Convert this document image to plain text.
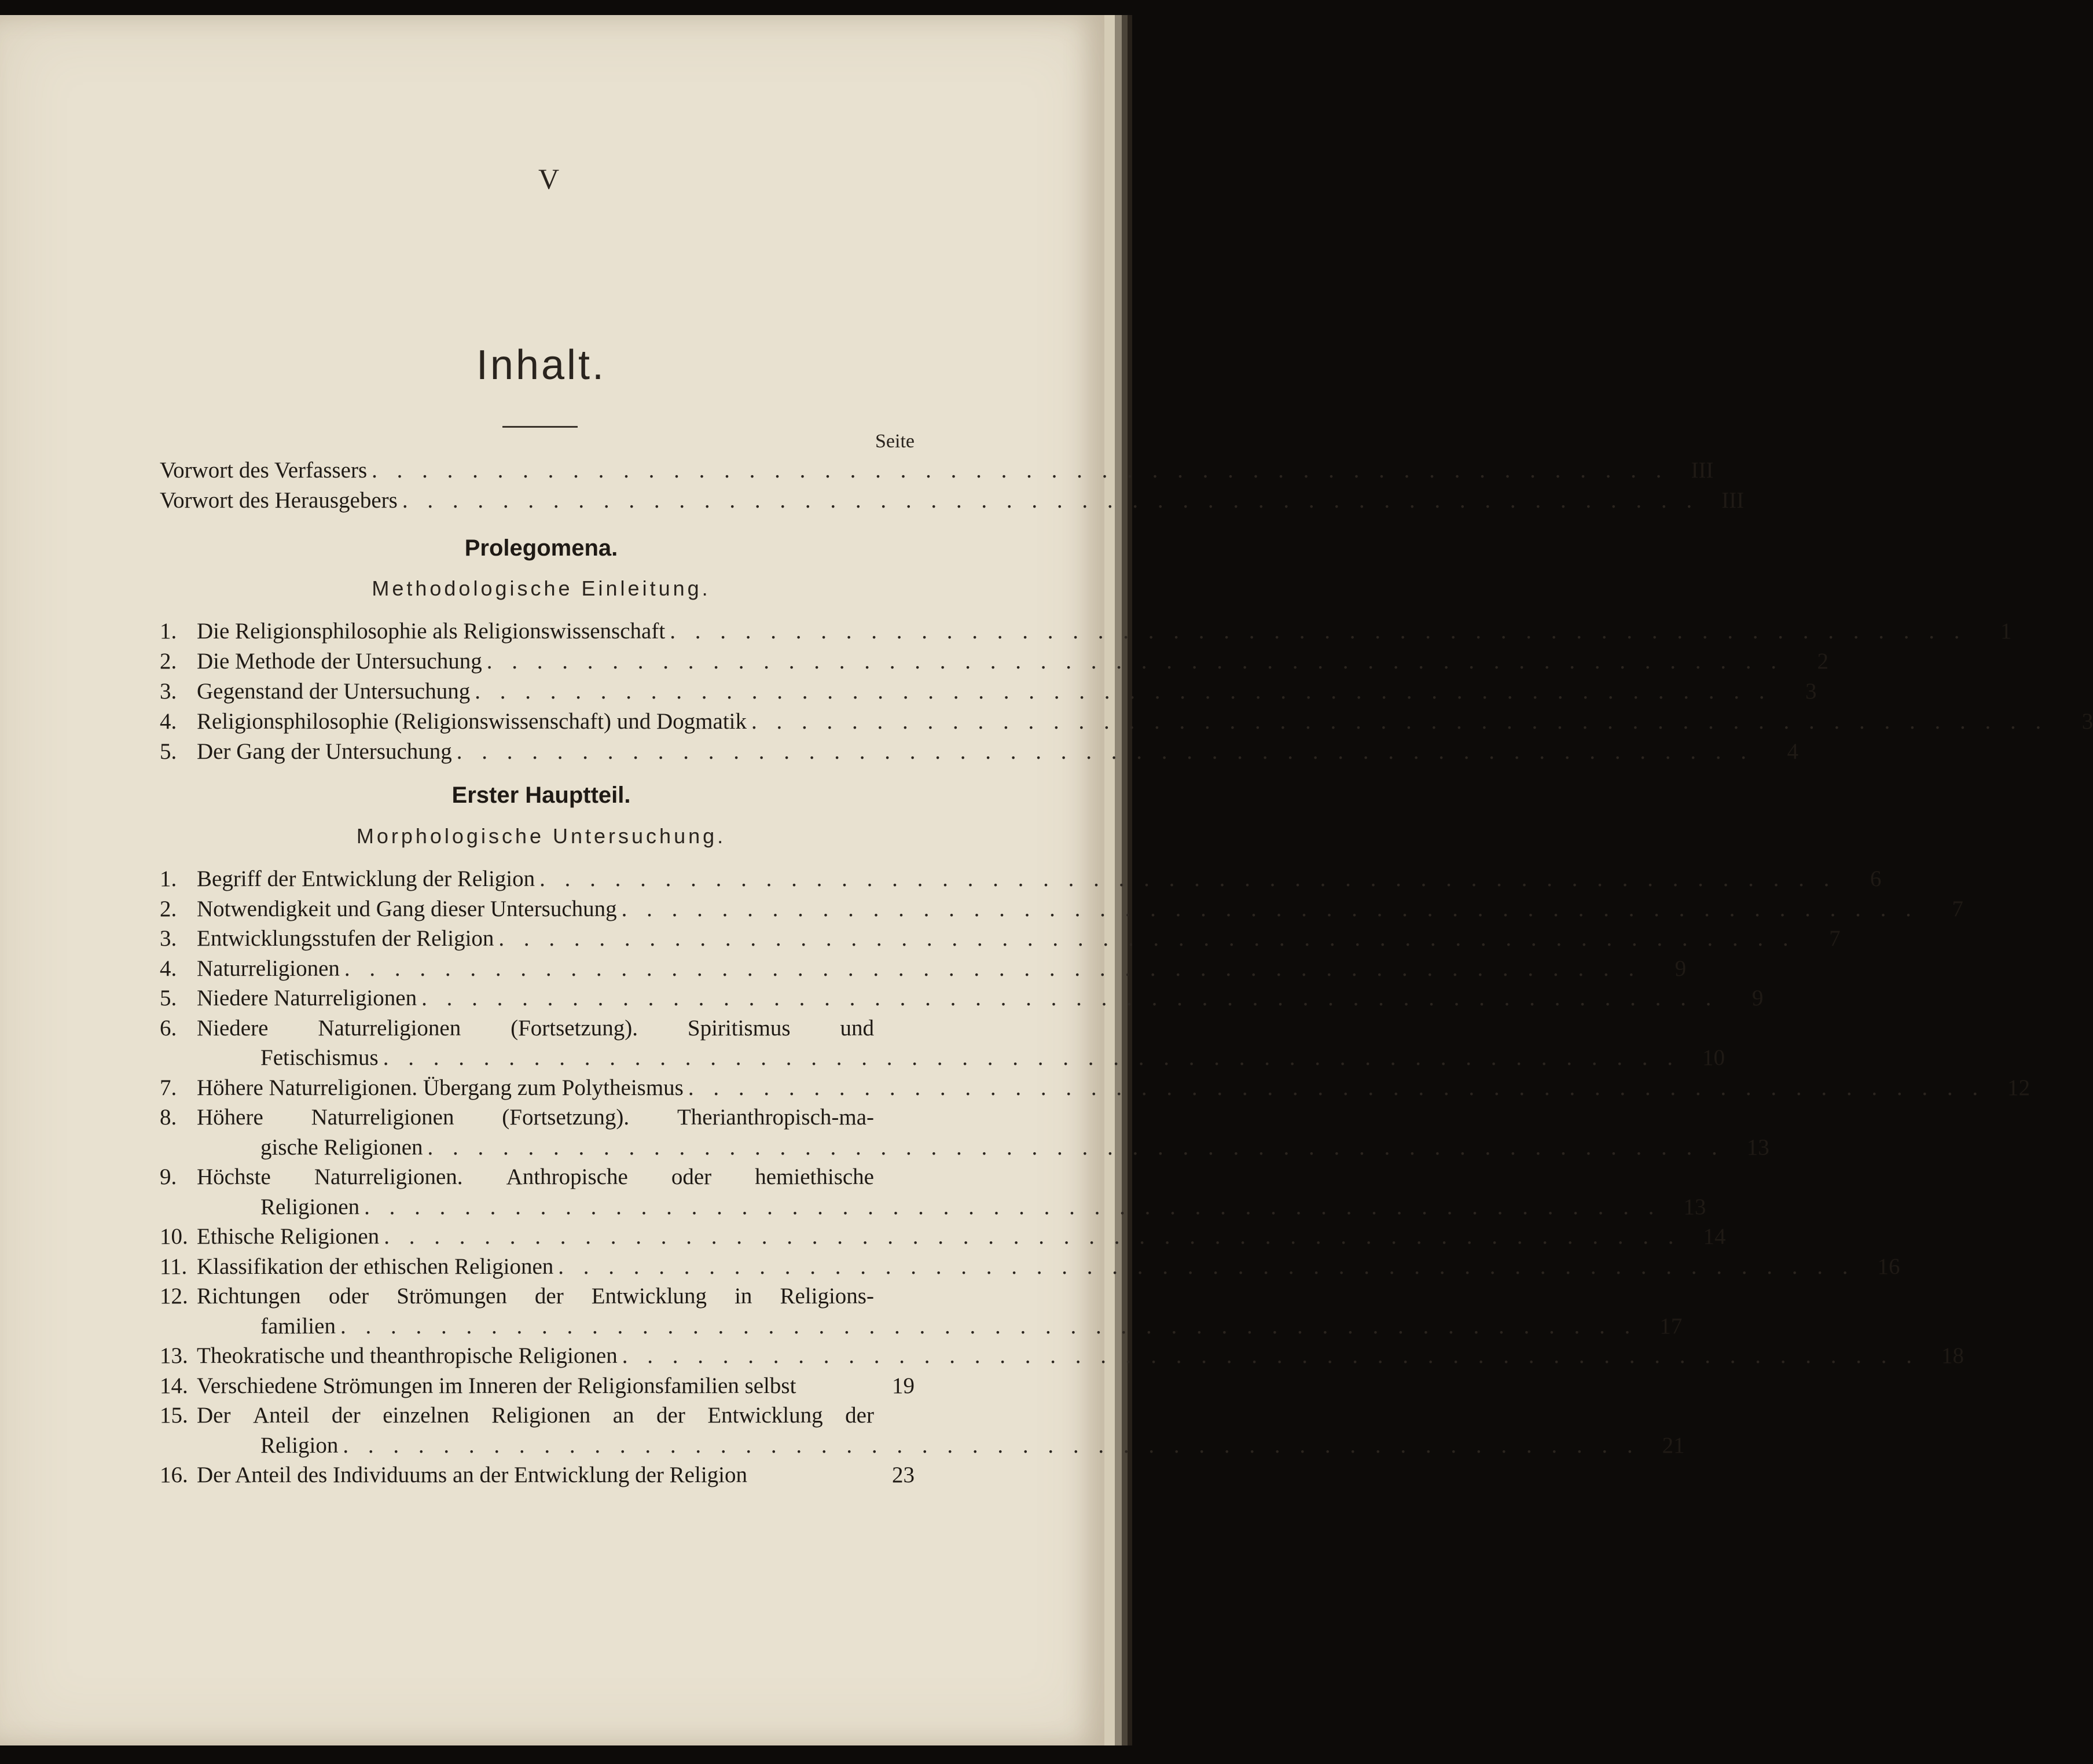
V
Inhalt.
Seite
Vorwort des Verfassers . . . . . . . . . . . . . . . . . . . . . . . . . . . . . . . . . . . . . . . . . . . . . . . . . . . .	III
Vorwort des Herausgebers . . . . . . . . . . . . . . . . . . . . . . . . . . . . . . . . . . . . . . . . . . . . . . . . . . . .	III
Prolegomena.
Methodologische Einleitung.
1. Die Religionsphilosophie als Religionswissenschaft . . . . . . . . . . . . . . . . . . . . . . . . . . . . . . . . . . . . . . . . . . . . . . . . . . . .	1
2. Die Methode der Untersuchung . . . . . . . . . . . . . . . . . . . . . . . . . . . . . . . . . . . . . . . . . . . . . . . . . . . .	2
3. Gegenstand der Untersuchung . . . . . . . . . . . . . . . . . . . . . . . . . . . . . . . . . . . . . . . . . . . . . . . . . . . .	3
4. Religionsphilosophie (Religionswissenschaft) und Dogmatik . . . . . . . . . . . . . . . . . . . . . . . . . . . . . . . . . . . . . . . . . . . . . . . . . . . .	3
5. Der Gang der Untersuchung . . . . . . . . . . . . . . . . . . . . . . . . . . . . . . . . . . . . . . . . . . . . . . . . . . . .	4
Erster Hauptteil.
Morphologische Untersuchung.
1. Begriff der Entwicklung der Religion . . . . . . . . . . . . . . . . . . . . . . . . . . . . . . . . . . . . . . . . . . . . . . . . . . . .	6
2. Notwendigkeit und Gang dieser Untersuchung . . . . . . . . . . . . . . . . . . . . . . . . . . . . . . . . . . . . . . . . . . . . . . . . . . . .	7
3. Entwicklungsstufen der Religion . . . . . . . . . . . . . . . . . . . . . . . . . . . . . . . . . . . . . . . . . . . . . . . . . . . .	7
4. Naturreligionen . . . . . . . . . . . . . . . . . . . . . . . . . . . . . . . . . . . . . . . . . . . . . . . . . . . .	9
5. Niedere Naturreligionen . . . . . . . . . . . . . . . . . . . . . . . . . . . . . . . . . . . . . . . . . . . . . . . . . . . .	9
6. Niedere Naturreligionen (Fortsetzung). Spiritismus und
Fetischismus . . . . . . . . . . . . . . . . . . . . . . . . . . . . . . . . . . . . . . . . . . . . . . . . . . . .	10
7. Höhere Naturreligionen. Übergang zum Polytheismus . . . . . . . . . . . . . . . . . . . . . . . . . . . . . . . . . . . . . . . . . . . . . . . . . . . .	12
8. Höhere Naturreligionen (Fortsetzung). Therianthropisch-ma-
gische Religionen . . . . . . . . . . . . . . . . . . . . . . . . . . . . . . . . . . . . . . . . . . . . . . . . . . . .	13
9. Höchste Naturreligionen. Anthropische oder hemiethische
Religionen . . . . . . . . . . . . . . . . . . . . . . . . . . . . . . . . . . . . . . . . . . . . . . . . . . . .	13
10. Ethische Religionen . . . . . . . . . . . . . . . . . . . . . . . . . . . . . . . . . . . . . . . . . . . . . . . . . . . .	14
11. Klassifikation der ethischen Religionen . . . . . . . . . . . . . . . . . . . . . . . . . . . . . . . . . . . . . . . . . . . . . . . . . . . .	16
12. Richtungen oder Strömungen der Entwicklung in Religions-
familien . . . . . . . . . . . . . . . . . . . . . . . . . . . . . . . . . . . . . . . . . . . . . . . . . . . .	17
13. Theokratische und theanthropische Religionen . . . . . . . . . . . . . . . . . . . . . . . . . . . . . . . . . . . . . . . . . . . . . . . . . . . .	18
14. Verschiedene Strömungen im Inneren der Religionsfamilien selbst	19
15. Der Anteil der einzelnen Religionen an der Entwicklung der
Religion . . . . . . . . . . . . . . . . . . . . . . . . . . . . . . . . . . . . . . . . . . . . . . . . . . . .	21
16. Der Anteil des Individuums an der Entwicklung der Religion	23
